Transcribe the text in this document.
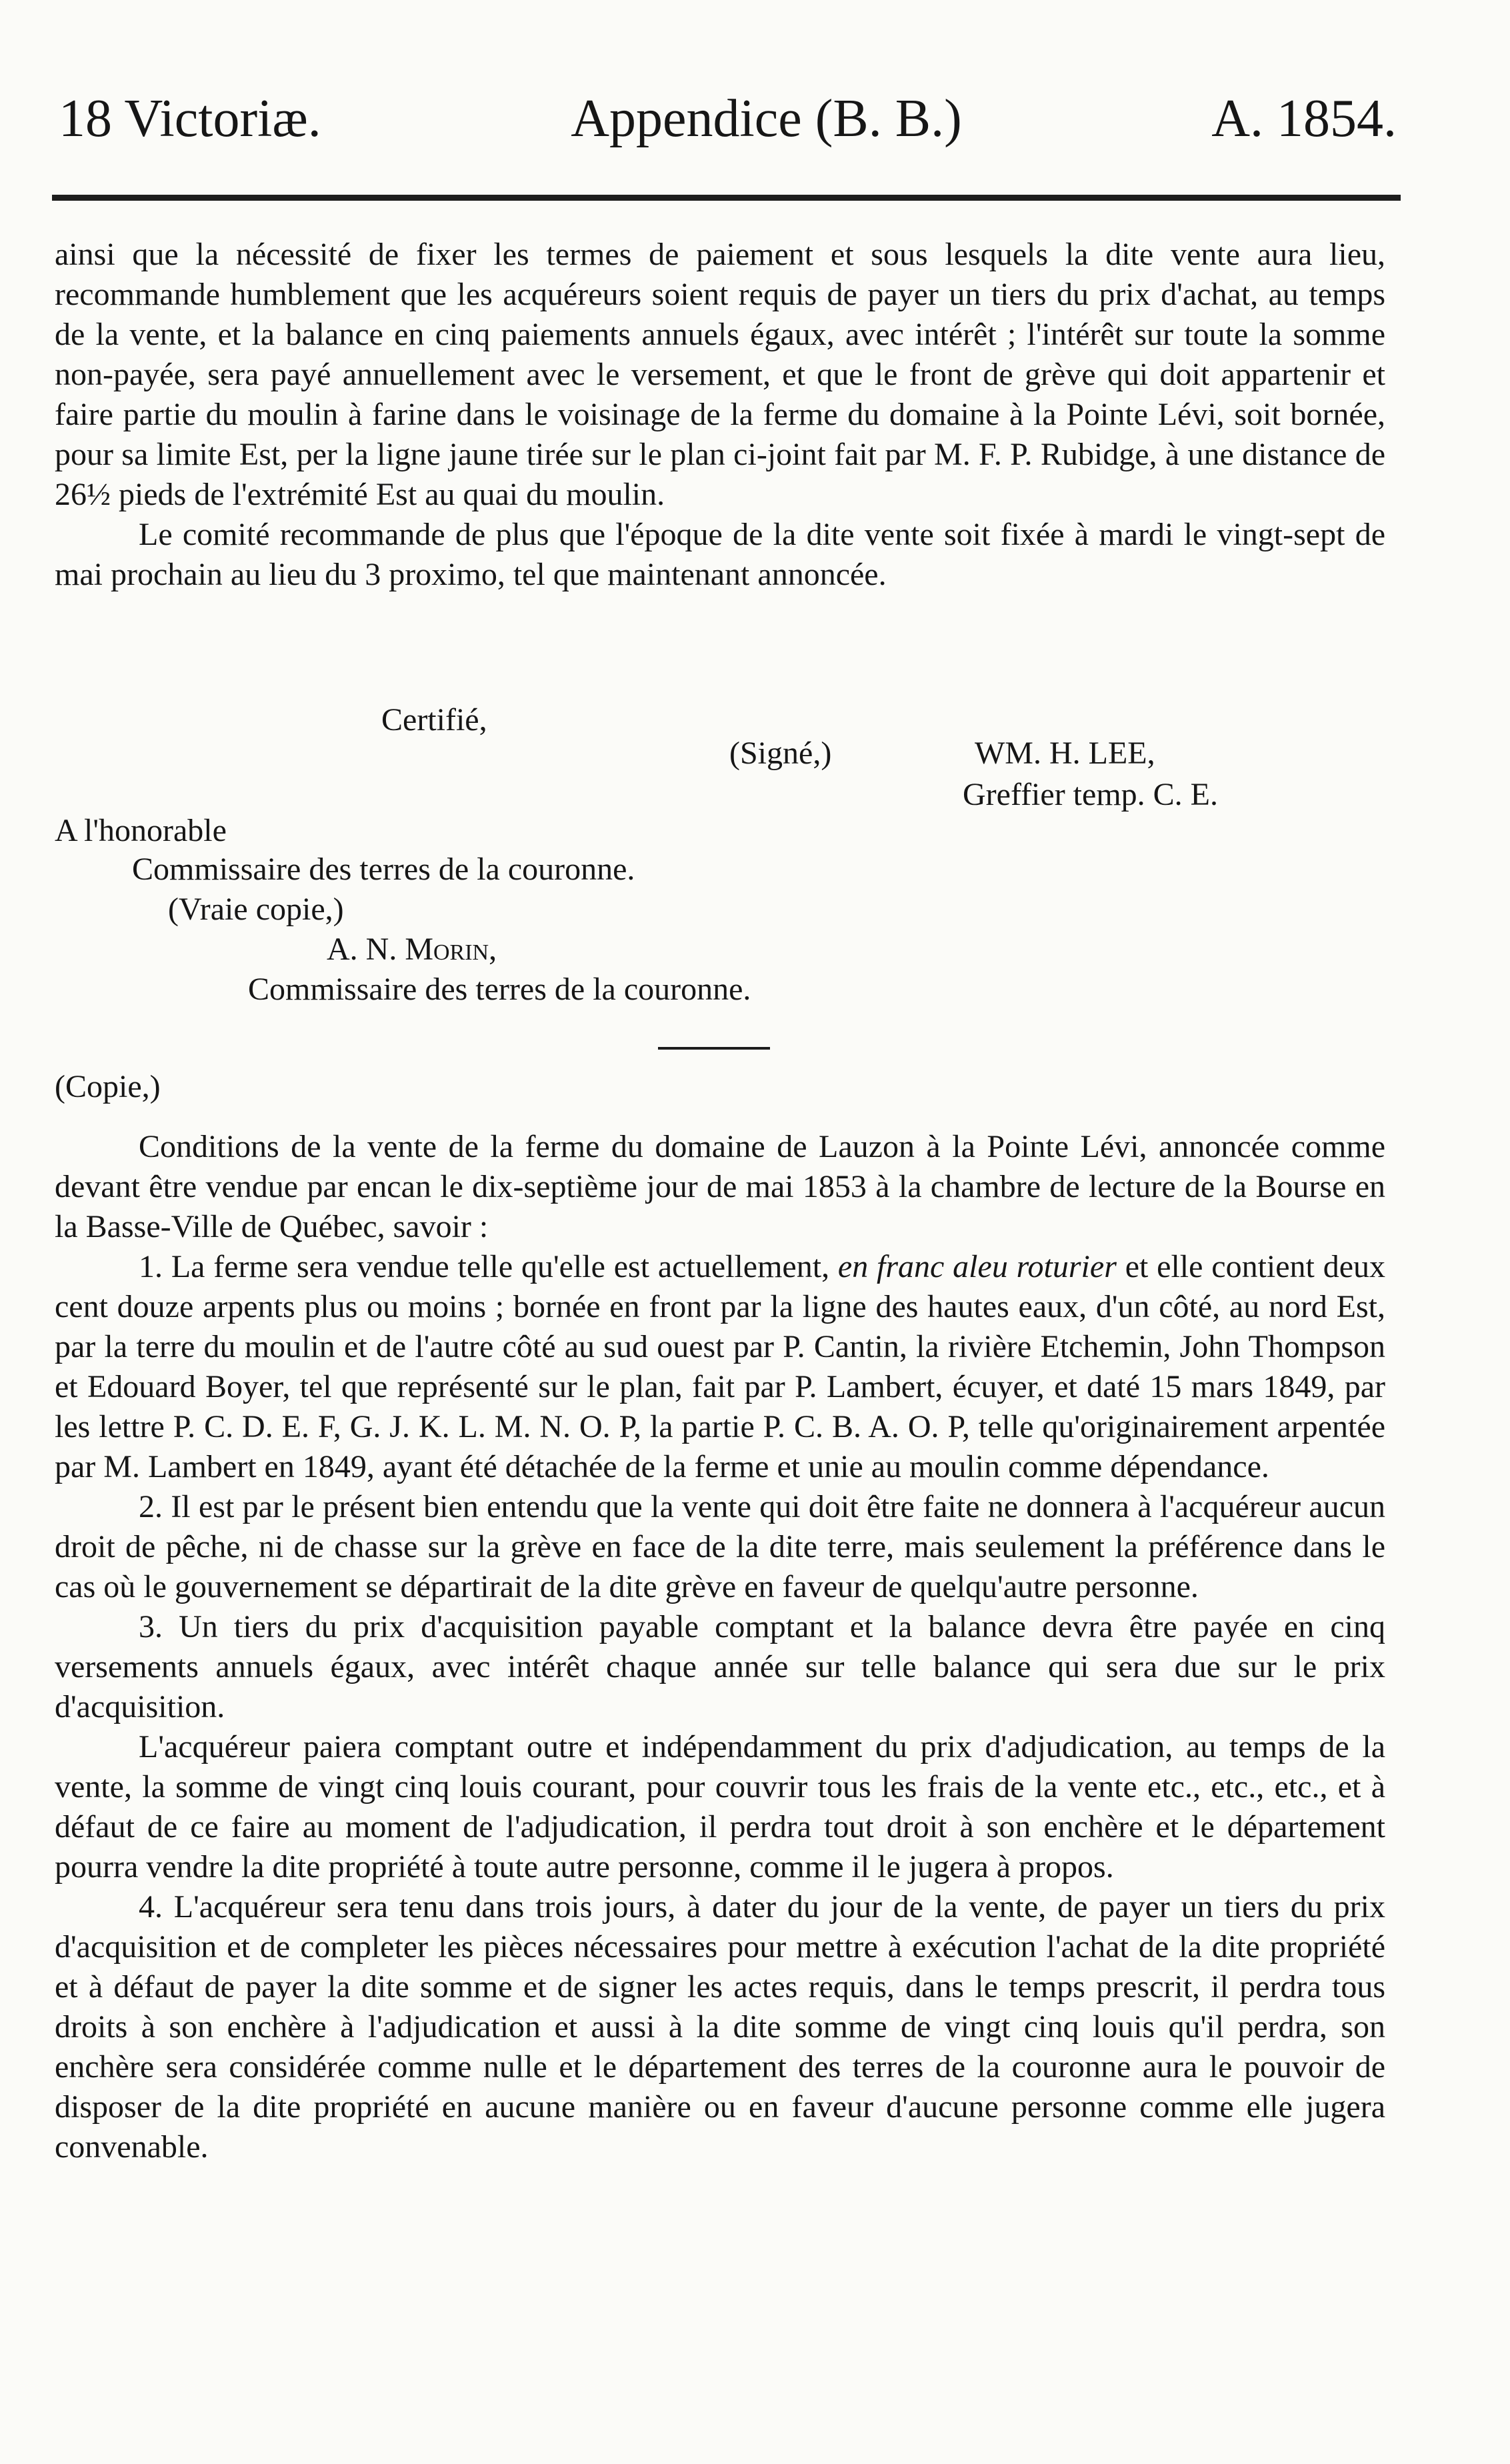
18 Victoriæ.	Appendice (B. B.)	A. 1854.

ainsi que la nécessité de fixer les termes de paiement et sous lesquels la dite vente aura lieu, recommande humblement que les acquéreurs soient requis de payer un tiers du prix d'achat, au temps de la vente, et la balance en cinq paiements annuels égaux, avec intérêt ; l'intérêt sur toute la somme non-payée, sera payé annuellement avec le versement, et que le front de grève qui doit appartenir et faire partie du moulin à farine dans le voisinage de la ferme du domaine à la Pointe Lévi, soit bornée, pour sa limite Est, per la ligne jaune tirée sur le plan ci-joint fait par M. F. P. Rubidge, à une distance de 26½ pieds de l'extrémité Est au quai du moulin.

Le comité recommande de plus que l'époque de la dite vente soit fixée à mardi le vingt-sept de mai prochain au lieu du 3 proximo, tel que maintenant annoncée.

Certifié,
(Signé,)	WM. H. LEE,
Greffier temp. C. E.
A l'honorable
Commissaire des terres de la couronne.
(Vraie copie,)
A. N. Morin,
Commissaire des terres de la couronne.
(Copie,)

Conditions de la vente de la ferme du domaine de Lauzon à la Pointe Lévi, annoncée comme devant être vendue par encan le dix-septième jour de mai 1853 à la chambre de lecture de la Bourse en la Basse-Ville de Québec, savoir :

1. La ferme sera vendue telle qu'elle est actuellement, en franc aleu roturier et elle contient deux cent douze arpents plus ou moins ; bornée en front par la ligne des hautes eaux, d'un côté, au nord Est, par la terre du moulin et de l'autre côté au sud ouest par P. Cantin, la rivière Etchemin, John Thompson et Edouard Boyer, tel que représenté sur le plan, fait par P. Lambert, écuyer, et daté 15 mars 1849, par les lettre P. C. D. E. F, G. J. K. L. M. N. O. P, la partie P. C. B. A. O. P, telle qu'originairement arpentée par M. Lambert en 1849, ayant été détachée de la ferme et unie au moulin comme dépendance.

2. Il est par le présent bien entendu que la vente qui doit être faite ne donnera à l'acquéreur aucun droit de pêche, ni de chasse sur la grève en face de la dite terre, mais seulement la préférence dans le cas où le gouvernement se départirait de la dite grève en faveur de quelqu'autre personne.

3. Un tiers du prix d'acquisition payable comptant et la balance devra être payée en cinq versements annuels égaux, avec intérêt chaque année sur telle balance qui sera due sur le prix d'acquisition.

L'acquéreur paiera comptant outre et indépendamment du prix d'adjudication, au temps de la vente, la somme de vingt cinq louis courant, pour couvrir tous les frais de la vente etc., etc., etc., et à défaut de ce faire au moment de l'adjudication, il perdra tout droit à son enchère et le département pourra vendre la dite propriété à toute autre personne, comme il le jugera à propos.

4. L'acquéreur sera tenu dans trois jours, à dater du jour de la vente, de payer un tiers du prix d'acquisition et de completer les pièces nécessaires pour mettre à exécution l'achat de la dite propriété et à défaut de payer la dite somme et de signer les actes requis, dans le temps prescrit, il perdra tous droits à son enchère à l'adjudication et aussi à la dite somme de vingt cinq louis qu'il perdra, son enchère sera considérée comme nulle et le département des terres de la couronne aura le pouvoir de disposer de la dite propriété en aucune manière ou en faveur d'aucune personne comme elle jugera convenable.
